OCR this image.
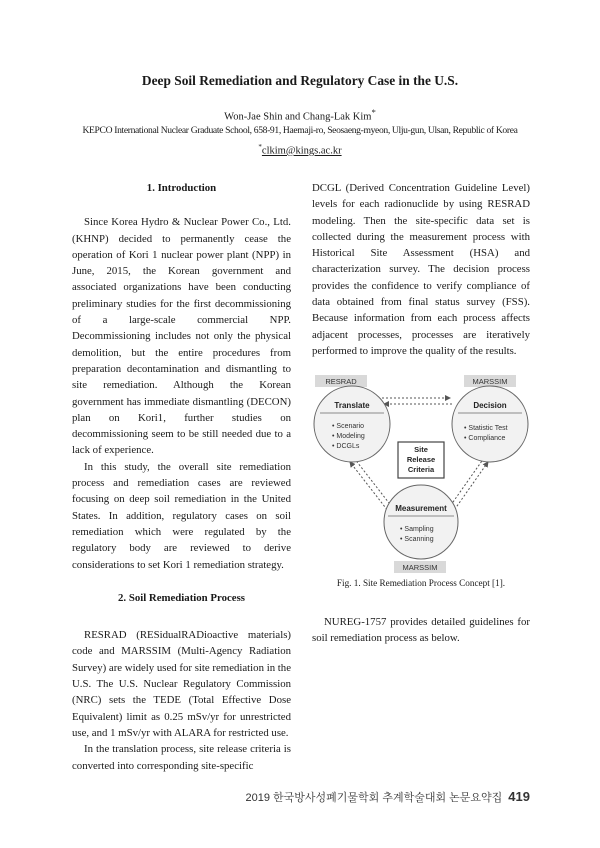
Deep Soil Remediation and Regulatory Case in the U.S.
Won-Jae Shin and Chang-Lak Kim*
KEPCO International Nuclear Graduate School, 658-91, Haemaji-ro, Seosaeng-myeon, Ulju-gun, Ulsan, Republic of Korea
*clkim@kings.ac.kr
1. Introduction

Since Korea Hydro & Nuclear Power Co., Ltd. (KHNP) decided to permanently cease the operation of Kori 1 nuclear power plant (NPP) in June, 2015, the Korean government and associated organizations have been conducting preliminary studies for the first decommissioning of a large-scale commercial NPP. Decommissioning includes not only the physical demolition, but the entire procedures from preparation decontamination and dismantling to site remediation. Although the Korean government has immediate dismantling (DECON) plan on Kori1, further studies on decommissioning seem to be still needed due to a lack of experience.

In this study, the overall site remediation process and remediation cases are reviewed focusing on deep soil remediation in the United States. In addition, regulatory cases on soil remediation which were regulated by the regulatory body are reviewed to derive considerations to set Kori 1 remediation strategy.

2. Soil Remediation Process

RESRAD (RESidualRADioactive materials) code and MARSSIM (Multi-Agency Radiation Survey) are widely used for site remediation in the U.S. The U.S. Nuclear Regulatory Commission (NRC) sets the TEDE (Total Effective Dose Equivalent) limit as 0.25 mSv/yr for unrestricted use, and 1 mSv/yr with ALARA for restricted use.

In the translation process, site release criteria is converted into corresponding site-specific

DCGL (Derived Concentration Guideline Level) levels for each radionuclide by using RESRAD modeling. Then the site-specific data set is collected during the measurement process with Historical Site Assessment (HSA) and characterization survey. The decision process provides the confidence to verify compliance of data obtained from final status survey (FSS). Because information from each process affects adjacent processes, processes are iteratively performed to improve the quality of the results.

RESRAD	MARSSIM
MARSSIM
Translate
• Scenario
• Modeling
• DCGLs
Decision
• Statistic Test
• Compliance
Site
Release
Criteria
Measurement
• Sampling
• Scanning
Fig. 1. Site Remediation Process Concept [1].

NUREG-1757 provides detailed guidelines for soil remediation process as below.

2019 한국방사성폐기물학회 추계학술대회 논문요약집 419
